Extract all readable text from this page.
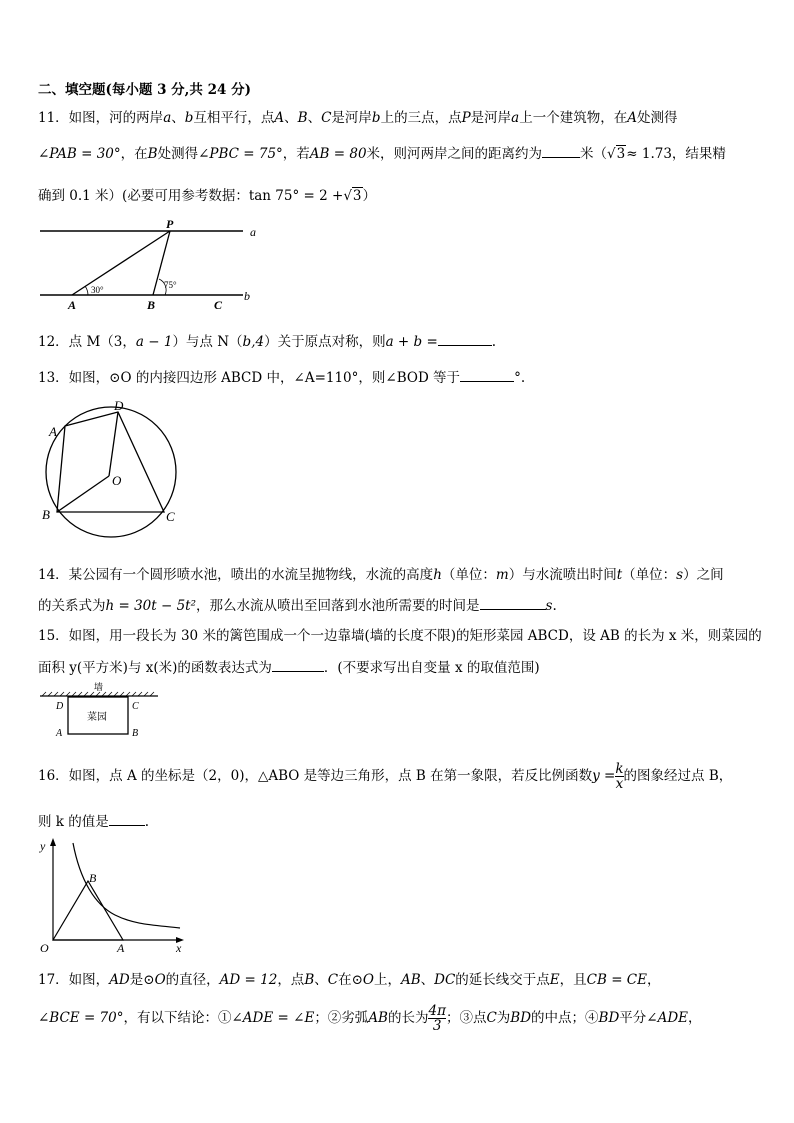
二、填空题(每小题 3 分,共 24 分)
11．如图，河的两岸a、b互相平行，点A、B、C是河岸b上的三点，点P是河岸a上一个建筑物，在A处测得
∠PAB = 30°，在B处测得∠PBC = 75°，若AB = 80米，则河两岸之间的距离约为	米（√3≈ 1.73，结果精
确到 0.1 米）(必要可用参考数据：tan 75° = 2 +√3）
P
a
b
A	B	C
30°	75°
12．点 M（3，a − 1）与点 N（b,4）关于原点对称，则a + b =	.
13．如图，⊙O 的内接四边形 ABCD 中，∠A=110°，则∠BOD 等于	°.
A
D
O
B	C
14．某公园有一个圆形喷水池，喷出的水流呈抛物线，水流的高度h（单位：m）与水流喷出时间t（单位：s）之间
的关系式为h = 30t − 5t²，那么水流从喷出至回落到水池所需要的时间是	s.
15．如图，用一段长为 30 米的篱笆围成一个一边靠墙(墙的长度不限)的矩形菜园 ABCD，设 AB 的长为 x 米，则菜园的
面积 y(平方米)与 x(米)的函数表达式为	．(不要求写出自变量 x 的取值范围)
墙
菜园
D	C
A	B
16．如图，点 A 的坐标是（2，0)，△ABO 是等边三角形，点 B 在第一象限，若反比例函数$y = \frac{k}{x}$ 的图象经过点 B，
则 k 的值是	.
y
x
O	A
B
17．如图，AD是⊙O的直径，AD = 12，点B、C在⊙O上，AB、DC的延长线交于点E，且CB = CE，
∠BCE = 70°，有以下结论：①∠ADE = ∠E；②劣弧AB的长为 $\frac{4\pi}{3}$ ；③点C为BD的中点；④BD平分∠ADE，
